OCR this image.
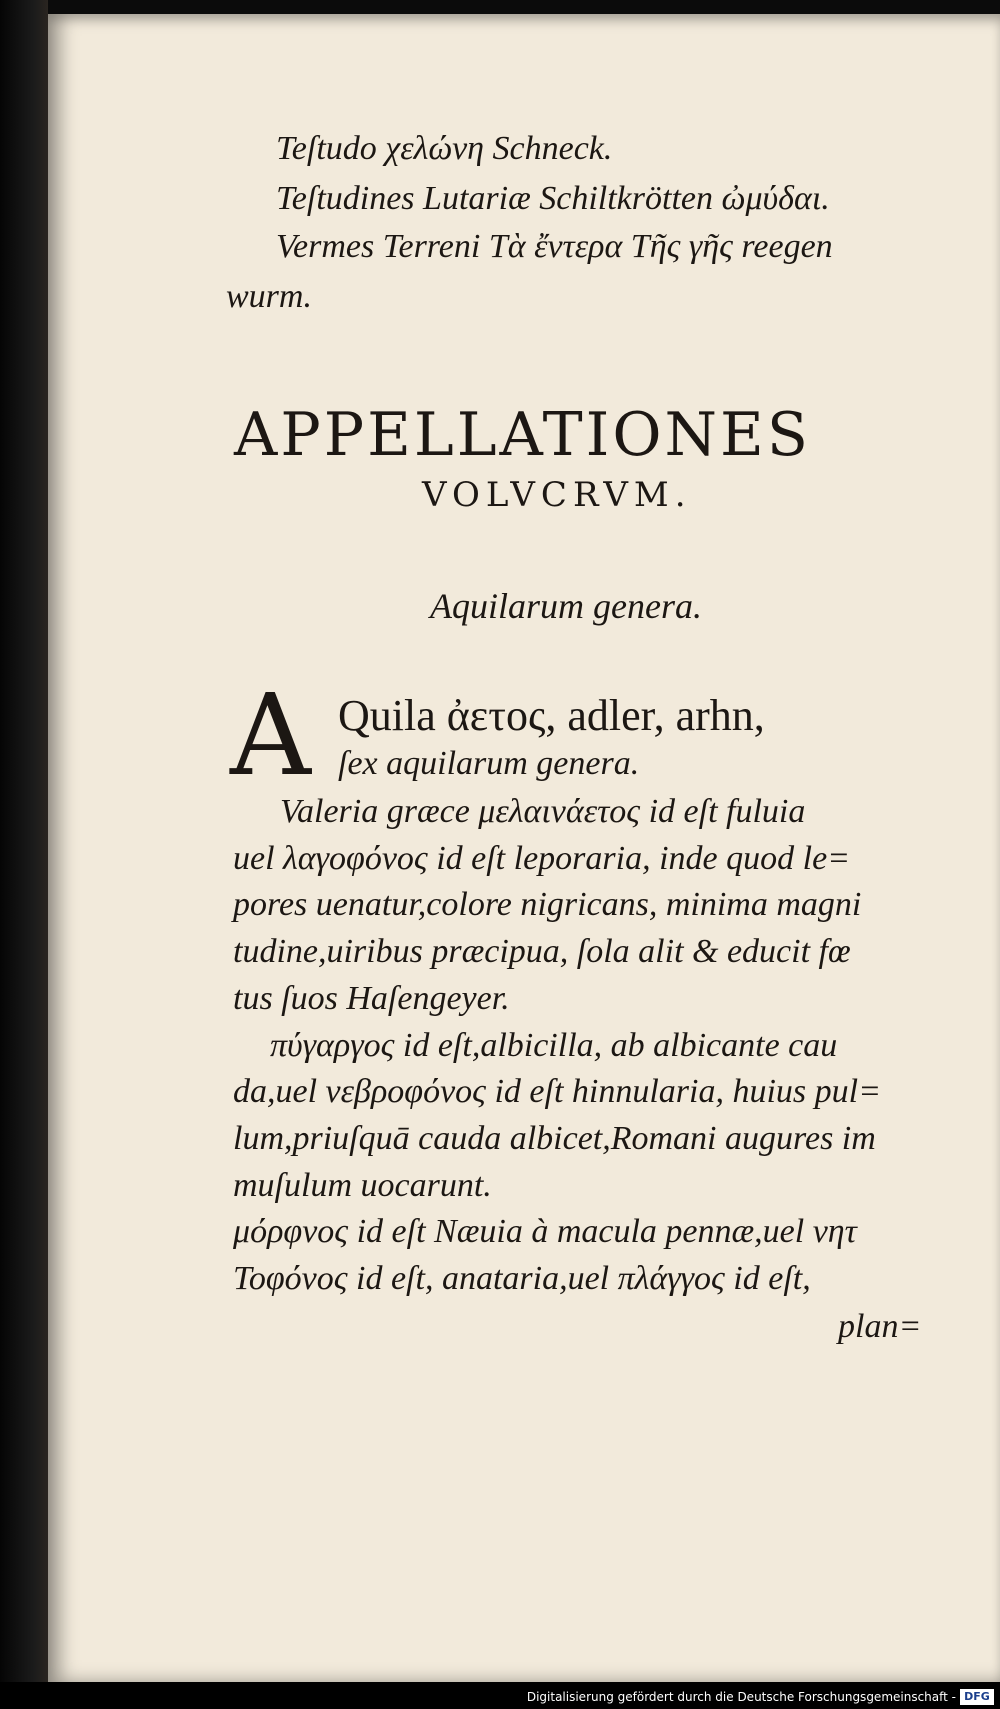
Teſtudo χελώνη Schneck.
Teſtudines Lutariæ Schiltkrötten ὠμύδαι.
Vermes Terreni Τὰ ἔντερα Τῆς γῆς reegen
wurm.
APPELLATIONES
VOLVCRVM.
Aquilarum genera.
A Quila ἀετος, adler, arhn,
ſex aquilarum genera.
Valeria græce μελαινάετος id eſt fuluia
uel λαγοφόνος id eſt leporaria, inde quod le=
pores uenatur,colore nigricans, minima magni
tudine,uiribus præcipua, ſola alit & educit fœ
tus ſuos Haſengeyer.
πύγαργος id eſt,albicilla, ab albicante cau
da,uel νεβροφόνος id eſt hinnularia, huius pul=
lum,priuſquā cauda albicet,Romani augures im
muſulum uocarunt.
μόρφνος id eſt Næuia à macula pennæ,uel νητ
Τοφόνος id eſt, anataria,uel πλάγγος id eſt,
plan=
Digitalisierung gefördert durch die Deutsche Forschungsgemeinschaft - DFG
